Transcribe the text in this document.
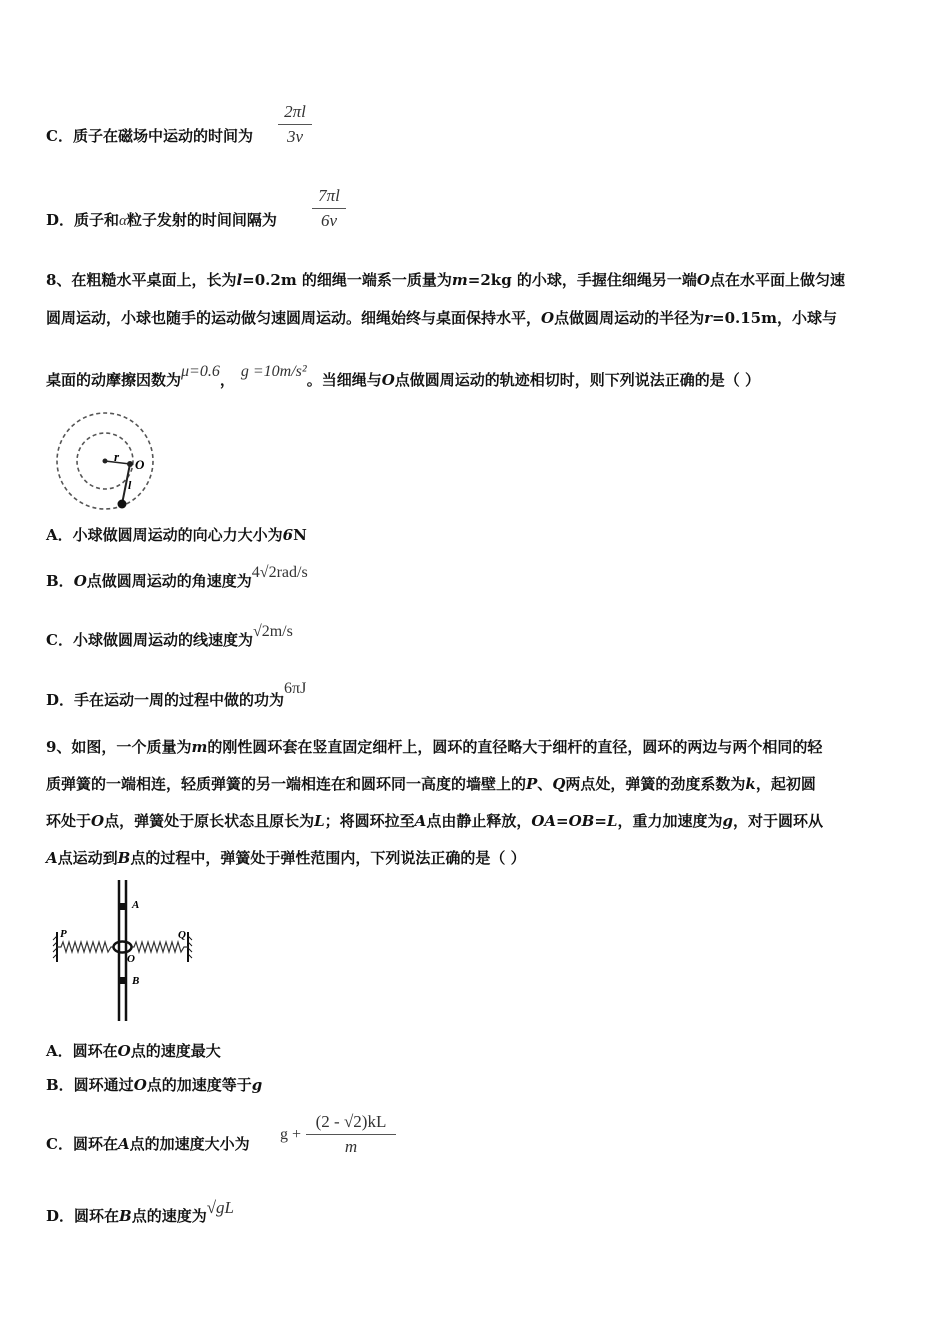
C．质子在磁场中运动的时间为
2πl
3v
D．质子和α粒子发射的时间间隔为
7πl
6v
8、在粗糙水平桌面上，长为l=0.2m 的细绳一端系一质量为m=2kg 的小球，手握住细绳另一端O点在水平面上做匀速
圆周运动，小球也随手的运动做匀速圆周运动。细绳始终与桌面保持水平，O点做圆周运动的半径为r=0.15m，小球与
桌面的动摩擦因数为μ=0.6， g =10m/s²。当细绳与O点做圆周运动的轨迹相切时，则下列说法正确的是（ ）
r
O
l
A．小球做圆周运动的向心力大小为6N
B．O点做圆周运动的角速度为4√2rad/s
C．小球做圆周运动的线速度为√2m/s
D．手在运动一周的过程中做的功为6πJ
9、如图，一个质量为m的刚性圆环套在竖直固定细杆上，圆环的直径略大于细杆的直径，圆环的两边与两个相同的轻
质弹簧的一端相连，轻质弹簧的另一端相连在和圆环同一高度的墙壁上的P、Q两点处，弹簧的劲度系数为k，起初圆
环处于O点，弹簧处于原长状态且原长为L；将圆环拉至A点由静止释放，OA=OB=L，重力加速度为g，对于圆环从
A点运动到B点的过程中，弹簧处于弹性范围内，下列说法正确的是（ ）
A
P	Q
O
B
A．圆环在O点的速度最大
B．圆环通过O点的加速度等于g
C．圆环在A点的加速度大小为
g +
(2 - √2)kL
m
D．圆环在B点的速度为√gL
